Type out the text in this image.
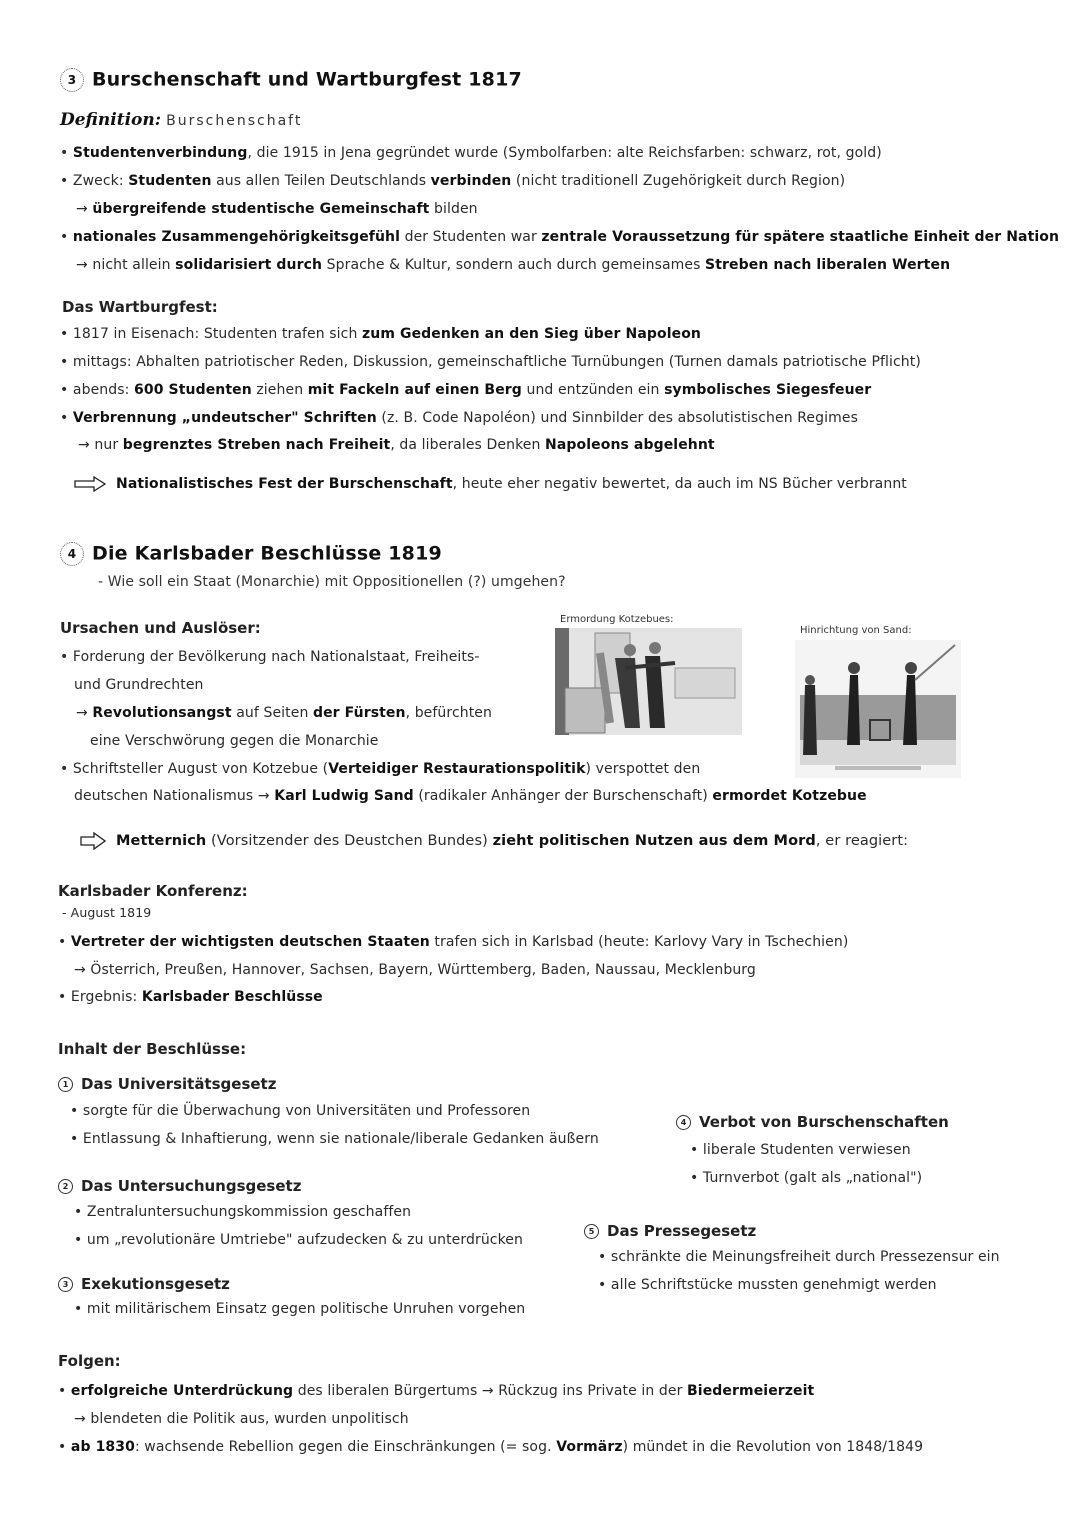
3 Burschenschaft und Wartburgfest 1817
Definition: Burschenschaft
• Studentenverbindung, die 1915 in Jena gegründet wurde (Symbolfarben: alte Reichsfarben: schwarz, rot, gold)
• Zweck: Studenten aus allen Teilen Deutschlands verbinden (nicht traditionell Zugehörigkeit durch Region)
→ übergreifende studentische Gemeinschaft bilden
• nationales Zusammengehörigkeitsgefühl der Studenten war zentrale Voraussetzung für spätere staatliche Einheit der Nation
→ nicht allein solidarisiert durch Sprache & Kultur, sondern auch durch gemeinsames Streben nach liberalen Werten
Das Wartburgfest:
• 1817 in Eisenach: Studenten trafen sich zum Gedenken an den Sieg über Napoleon
• mittags: Abhalten patriotischer Reden, Diskussion, gemeinschaftliche Turnübungen (Turnen damals patriotische Pflicht)
• abends: 600 Studenten ziehen mit Fackeln auf einen Berg und entzünden ein symbolisches Siegesfeuer
• Verbrennung „undeutscher" Schriften (z. B. Code Napoléon) und Sinnbilder des absolutistischen Regimes
→ nur begrenztes Streben nach Freiheit, da liberales Denken Napoleons abgelehnt
Nationalistisches Fest der Burschenschaft, heute eher negativ bewertet, da auch im NS Bücher verbrannt
4 Die Karlsbader Beschlüsse 1819
- Wie soll ein Staat (Monarchie) mit Oppositionellen (?) umgehen?
Ursachen und Auslöser:
• Forderung der Bevölkerung nach Nationalstaat, Freiheits-
und Grundrechten
→ Revolutionsangst auf Seiten der Fürsten, befürchten
eine Verschwörung gegen die Monarchie
• Schriftsteller August von Kotzebue (Verteidiger Restaurationspolitik) verspottet den
deutschen Nationalismus → Karl Ludwig Sand (radikaler Anhänger der Burschenschaft) ermordet Kotzebue
Ermordung Kotzebues:
Hinrichtung von Sand:
Metternich (Vorsitzender des Deustchen Bundes) zieht politischen Nutzen aus dem Mord, er reagiert:
Karlsbader Konferenz:
- August 1819
• Vertreter der wichtigsten deutschen Staaten trafen sich in Karlsbad (heute: Karlovy Vary in Tschechien)
→ Österrich, Preußen, Hannover, Sachsen, Bayern, Württemberg, Baden, Naussau, Mecklenburg
• Ergebnis: Karlsbader Beschlüsse
Inhalt der Beschlüsse:
1 Das Universitätsgesetz
• sorgte für die Überwachung von Universitäten und Professoren
• Entlassung & Inhaftierung, wenn sie nationale/liberale Gedanken äußern
2 Das Untersuchungsgesetz
• Zentraluntersuchungskommission geschaffen
• um „revolutionäre Umtriebe" aufzudecken & zu unterdrücken
3 Exekutionsgesetz
• mit militärischem Einsatz gegen politische Unruhen vorgehen
4 Verbot von Burschenschaften
• liberale Studenten verwiesen
• Turnverbot (galt als „national")
5 Das Pressegesetz
• schränkte die Meinungsfreiheit durch Pressezensur ein
• alle Schriftstücke mussten genehmigt werden
Folgen:
• erfolgreiche Unterdrückung des liberalen Bürgertums → Rückzug ins Private in der Biedermeierzeit
→ blendeten die Politik aus, wurden unpolitisch
• ab 1830: wachsende Rebellion gegen die Einschränkungen (= sog. Vormärz) mündet in die Revolution von 1848/1849
